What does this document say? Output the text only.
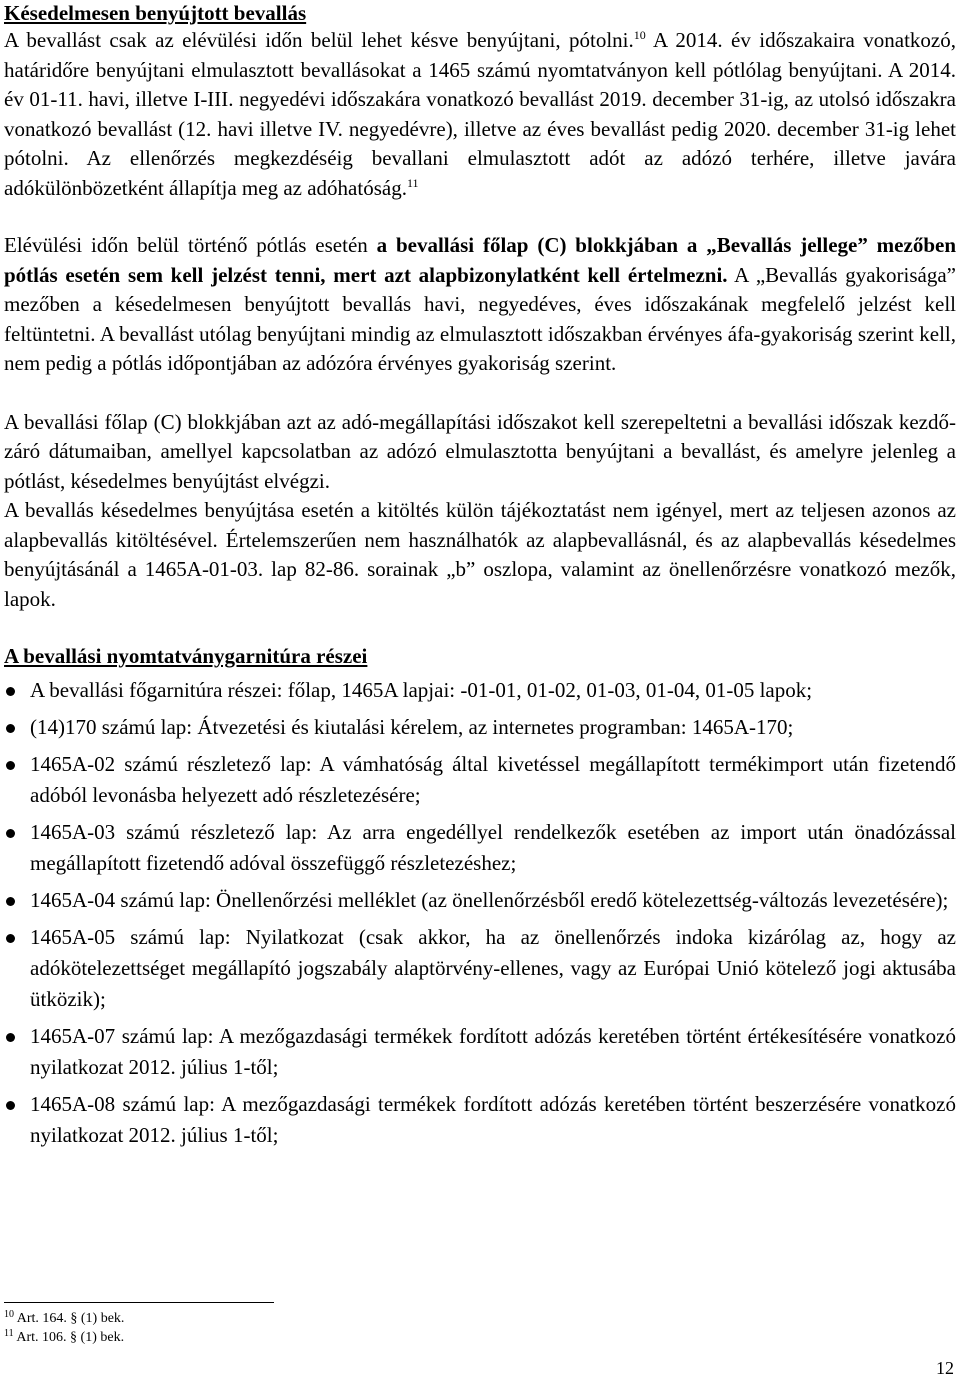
Késedelmesen benyújtott bevallás

A bevallást csak az elévülési időn belül lehet késve benyújtani, pótolni.$^{10}$ A 2014. év időszakaira vonatkozó, határidőre benyújtani elmulasztott bevallásokat a 1465 számú nyomtatványon kell pótlólag benyújtani. A 2014. év 01-11. havi, illetve I-III. negyedévi időszakára vonatkozó bevallást 2019. december 31-ig, az utolsó időszakra vonatkozó bevallást (12. havi illetve IV. negyedévre), illetve az éves bevallást pedig 2020. december 31-ig lehet pótolni. Az ellenőrzés megkezdéséig bevallani elmulasztott adót az adózó terhére, illetve javára adókülönbözetként állapítja meg az adóhatóság.$^{11}$

Elévülési időn belül történő pótlás esetén a bevallási főlap (C) blokkjában a „Bevallás jellege” mezőben pótlás esetén sem kell jelzést tenni, mert azt alapbizonylatként kell értelmezni. A „Bevallás gyakorisága” mezőben a késedelmesen benyújtott bevallás havi, negyedéves, éves időszakának megfelelő jelzést kell feltüntetni. A bevallást utólag benyújtani mindig az elmulasztott időszakban érvényes áfa-gyakoriság szerint kell, nem pedig a pótlás időpontjában az adózóra érvényes gyakoriság szerint.

A bevallási főlap (C) blokkjában azt az adó-megállapítási időszakot kell szerepeltetni a bevallási időszak kezdő-záró dátumaiban, amellyel kapcsolatban az adózó elmulasztotta benyújtani a bevallást, és amelyre jelenleg a pótlást, késedelmes benyújtást elvégzi.

A bevallás késedelmes benyújtása esetén a kitöltés külön tájékoztatást nem igényel, mert az teljesen azonos az alapbevallás kitöltésével. Értelemszerűen nem használhatók az alapbevallásnál, és az alapbevallás késedelmes benyújtásánál a 1465A-01-03. lap 82-86. sorainak „b” oszlopa, valamint az önellenőrzésre vonatkozó mezők, lapok.

A bevallási nyomtatványgarnitúra részei
A bevallási főgarnitúra részei: főlap, 1465A lapjai: -01-01, 01-02, 01-03, 01-04, 01-05 lapok;
(14)170 számú lap: Átvezetési és kiutalási kérelem, az internetes programban: 1465A-170;
1465A-02 számú részletező lap: A vámhatóság által kivetéssel megállapított termékimport után fizetendő adóból levonásba helyezett adó részletezésére;
1465A-03 számú részletező lap: Az arra engedéllyel rendelkezők esetében az import után önadózással megállapított fizetendő adóval összefüggő részletezéshez;
1465A-04 számú lap: Önellenőrzési melléklet (az önellenőrzésből eredő kötelezettség-változás levezetésére);
1465A-05 számú lap: Nyilatkozat (csak akkor, ha az önellenőrzés indoka kizárólag az, hogy az adókötelezettséget megállapító jogszabály alaptörvény-ellenes, vagy az Európai Unió kötelező jogi aktusába ütközik);
1465A-07 számú lap: A mezőgazdasági termékek fordított adózás keretében történt értékesítésére vonatkozó nyilatkozat 2012. július 1-től;
1465A-08 számú lap: A mezőgazdasági termékek fordított adózás keretében történt beszerzésére vonatkozó nyilatkozat 2012. július 1-től;

$^{10}$ Art. 164. § (1) bek.

$^{11}$ Art. 106. § (1) bek.

12
